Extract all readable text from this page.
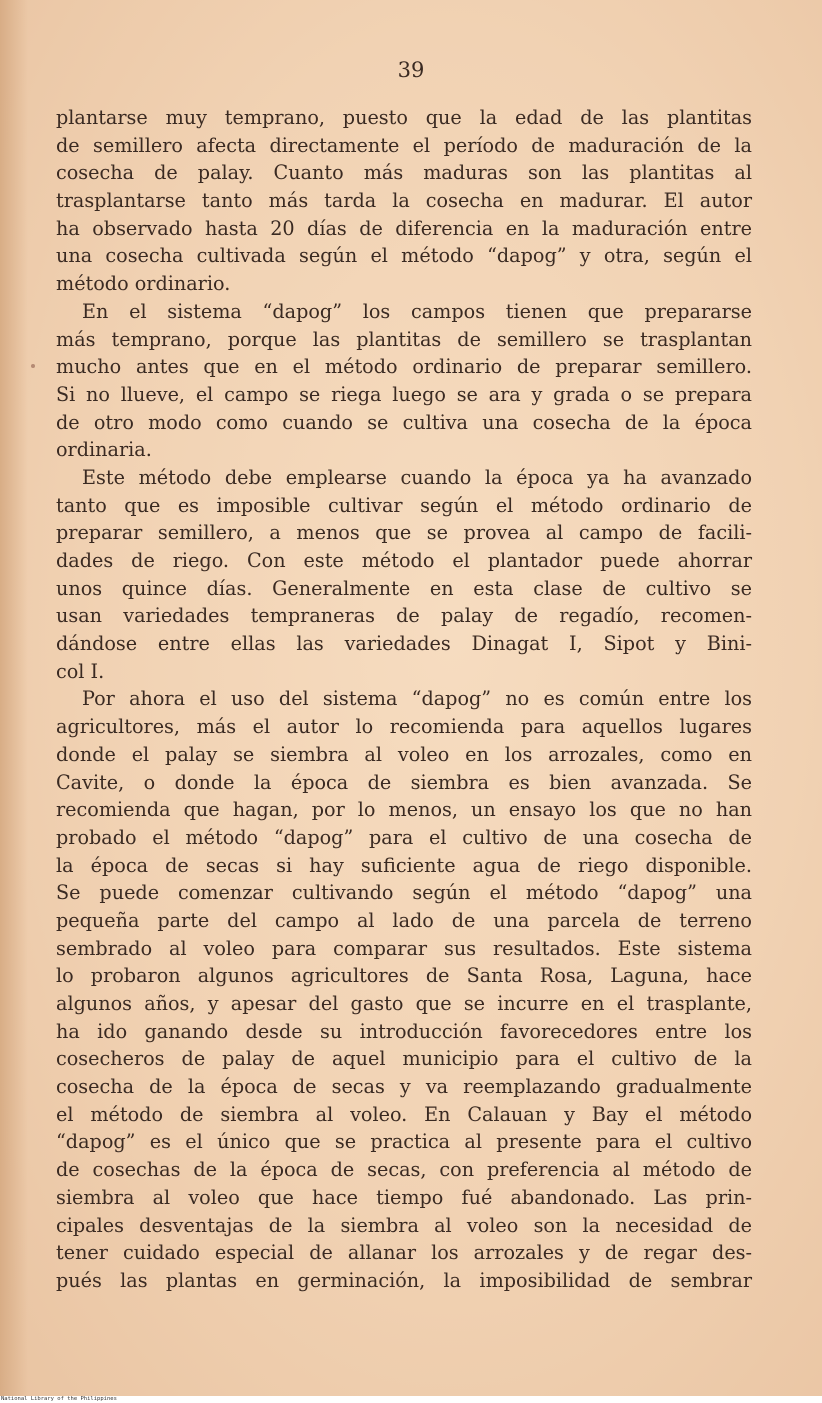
39
plantarse muy temprano, puesto que la edad de las plantitas
de semillero afecta directamente el período de maduración de la
cosecha de palay. Cuanto más maduras son las plantitas al
trasplantarse tanto más tarda la cosecha en madurar. El autor
ha observado hasta 20 días de diferencia en la maduración entre
una cosecha cultivada según el método “dapog” y otra, según el
método ordinario.
En el sistema “dapog” los campos tienen que prepararse
más temprano, porque las plantitas de semillero se trasplantan
mucho antes que en el método ordinario de preparar semillero.
Si no llueve, el campo se riega luego se ara y grada o se prepara
de otro modo como cuando se cultiva una cosecha de la época
ordinaria.
Este método debe emplearse cuando la época ya ha avanzado
tanto que es imposible cultivar según el método ordinario de
preparar semillero, a menos que se provea al campo de facili-
dades de riego. Con este método el plantador puede ahorrar
unos quince días. Generalmente en esta clase de cultivo se
usan variedades tempraneras de palay de regadío, recomen-
dándose entre ellas las variedades Dinagat I, Sipot y Bini-
col I.
Por ahora el uso del sistema “dapog” no es común entre los
agricultores, más el autor lo recomienda para aquellos lugares
donde el palay se siembra al voleo en los arrozales, como en
Cavite, o donde la época de siembra es bien avanzada. Se
recomienda que hagan, por lo menos, un ensayo los que no han
probado el método “dapog” para el cultivo de una cosecha de
la época de secas si hay suficiente agua de riego disponible.
Se puede comenzar cultivando según el método “dapog” una
pequeña parte del campo al lado de una parcela de terreno
sembrado al voleo para comparar sus resultados. Este sistema
lo probaron algunos agricultores de Santa Rosa, Laguna, hace
algunos años, y apesar del gasto que se incurre en el trasplante,
ha ido ganando desde su introducción favorecedores entre los
cosecheros de palay de aquel municipio para el cultivo de la
cosecha de la época de secas y va reemplazando gradualmente
el método de siembra al voleo. En Calauan y Bay el método
“dapog” es el único que se practica al presente para el cultivo
de cosechas de la época de secas, con preferencia al método de
siembra al voleo que hace tiempo fué abandonado. Las prin-
cipales desventajas de la siembra al voleo son la necesidad de
tener cuidado especial de allanar los arrozales y de regar des-
pués las plantas en germinación, la imposibilidad de sembrar
National Library of the Philippines
